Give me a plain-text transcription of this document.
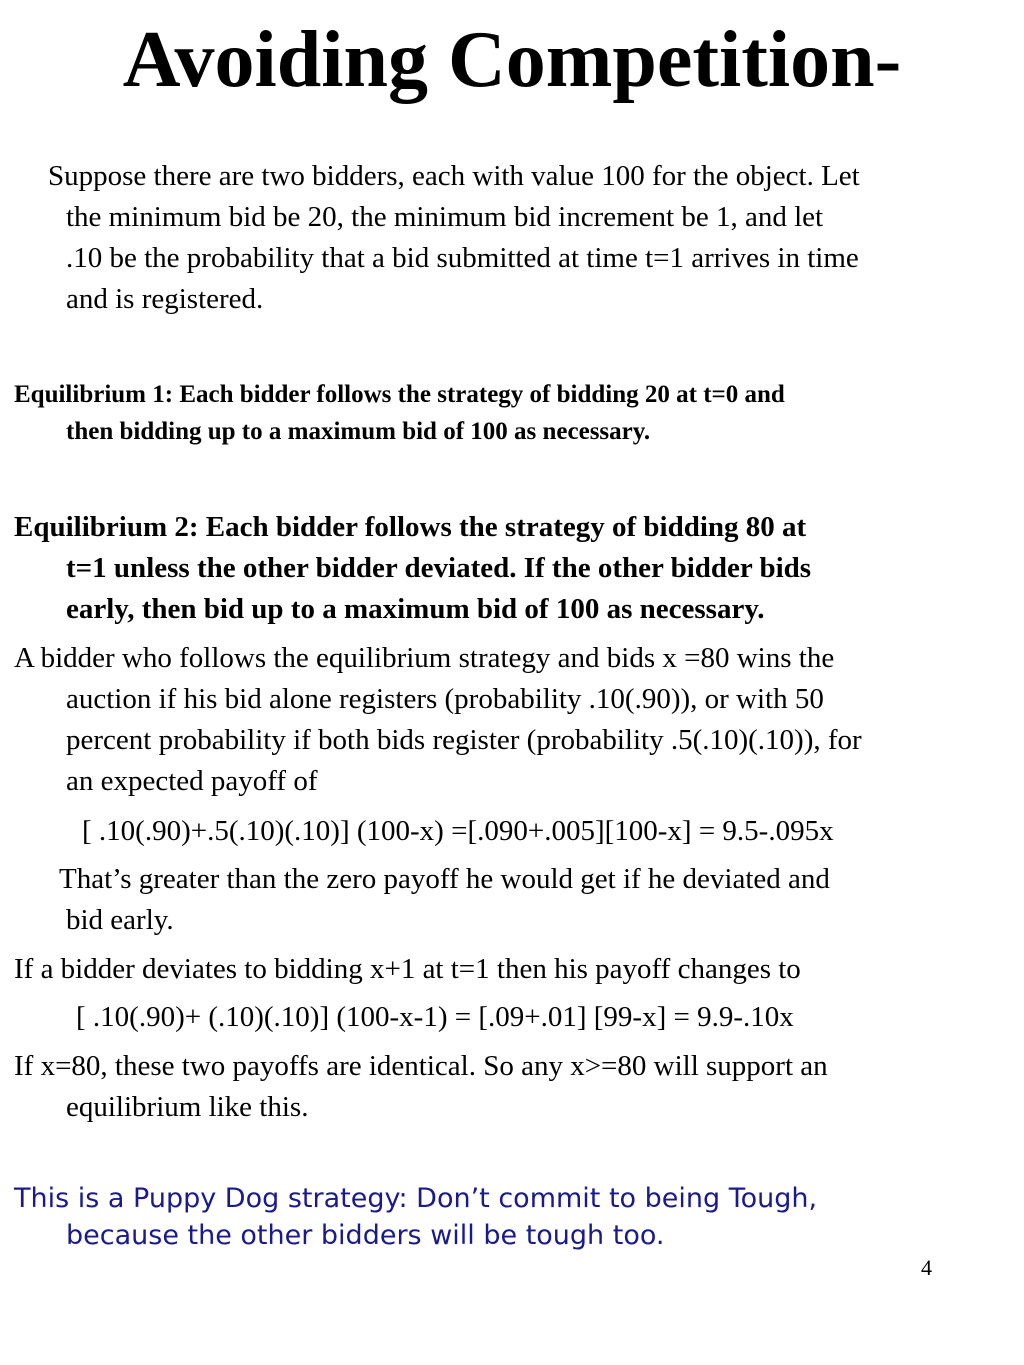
Avoiding Competition-

Suppose there are two bidders, each with value 100 for the object. Let
the minimum bid be 20, the minimum bid increment be 1, and let
.10 be the probability that a bid submitted at time t=1 arrives in time
and is registered.

Equilibrium 1: Each bidder follows the strategy of bidding 20 at t=0 and
then bidding up to a maximum bid of 100 as necessary.

Equilibrium 2: Each bidder follows the strategy of bidding 80 at
t=1 unless the other bidder deviated. If the other bidder bids
early, then bid up to a maximum bid of 100 as necessary.

A bidder who follows the equilibrium strategy and bids x =80 wins the
auction if his bid alone registers (probability .10(.90)), or with 50
percent probability if both bids register (probability .5(.10)(.10)), for
an expected payoff of

[ .10(.90)+.5(.10)(.10)] (100-x) =[.090+.005][100-x] = 9.5-.095x

That’s greater than the zero payoff he would get if he deviated and
bid early.

If a bidder deviates to bidding x+1 at t=1 then his payoff changes to

[ .10(.90)+ (.10)(.10)] (100-x-1) = [.09+.01] [99-x] = 9.9-.10x

If x=80, these two payoffs are identical. So any x>=80 will support an
equilibrium like this.

This is a Puppy Dog strategy: Don’t commit to being Tough,
because the other bidders will be tough too.

4
